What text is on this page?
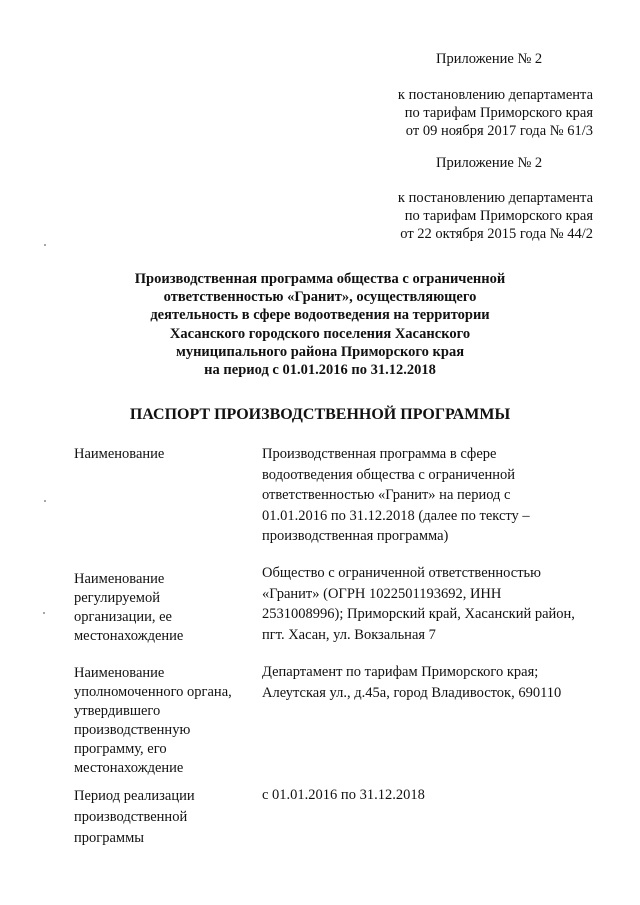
Приложение № 2
к постановлению департамента
по тарифам Приморского края
от 09 ноября 2017 года № 61/3
Приложение № 2
к постановлению департамента
по тарифам Приморского края
от 22 октября 2015 года № 44/2
Производственная программа общества с ограниченной
ответственностью «Гранит», осуществляющего
деятельность в сфере водоотведения на территории
Хасанского городского поселения Хасанского
муниципального района Приморского края
на период с 01.01.2016 по 31.12.2018
ПАСПОРТ ПРОИЗВОДСТВЕННОЙ ПРОГРАММЫ
Наименование	Производственная программа в сфере
водоотведения общества с ограниченной
ответственностью «Гранит» на период с
01.01.2016 по 31.12.2018 (далее по тексту –
производственная программа)
Наименование
регулируемой
организации, ее
местонахождение
Общество с ограниченной ответственностью
«Гранит» (ОГРН 1022501193692, ИНН
2531008996); Приморский край, Хасанский район,
пгт. Хасан, ул. Вокзальная 7
Наименование
уполномоченного органа,
утвердившего
производственную
программу, его
местонахождение
Департамент по тарифам Приморского края;
Алеутская ул., д.45а, город Владивосток, 690110
Период реализации
производственной
программы
с 01.01.2016 по 31.12.2018
